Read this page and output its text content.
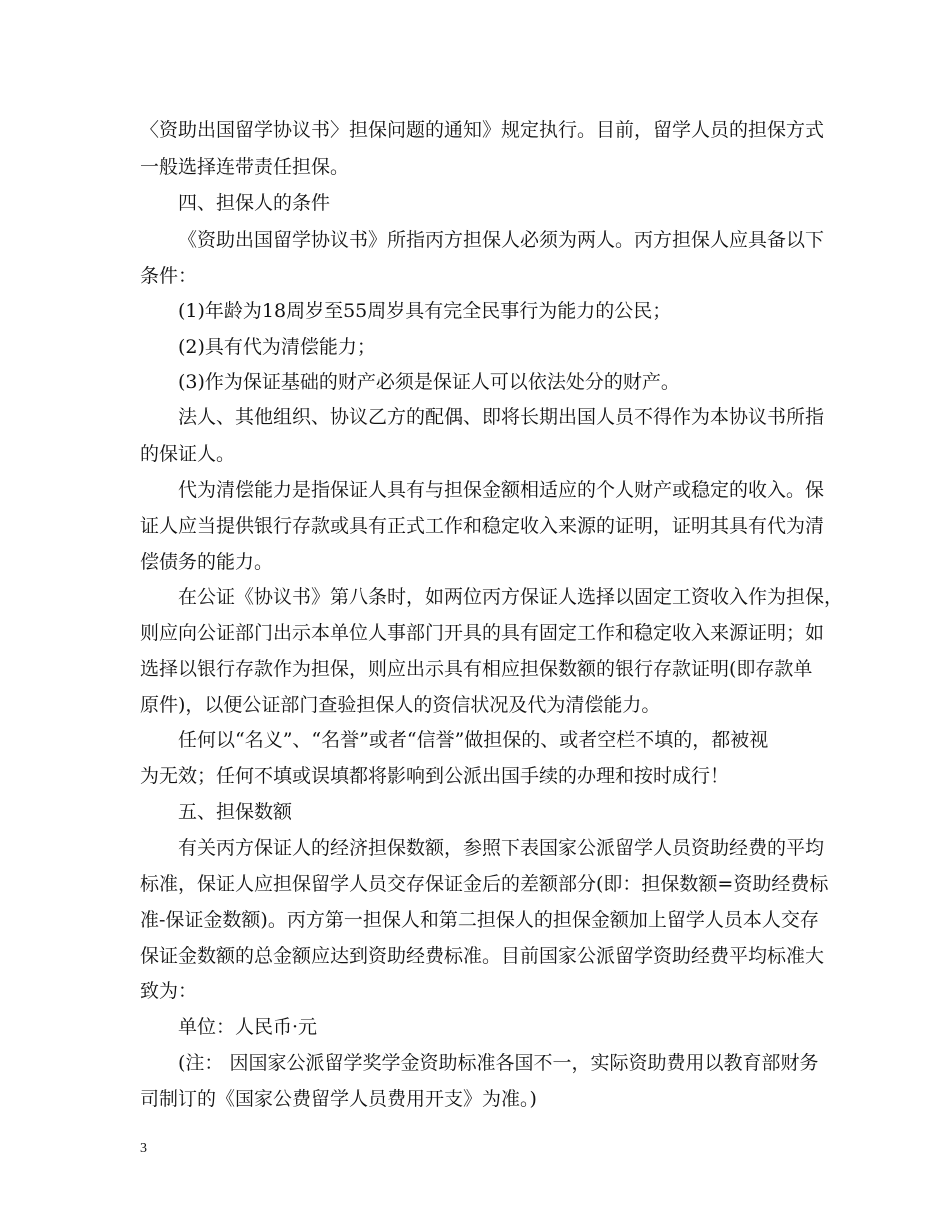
〈资助出国留学协议书〉担保问题的通知》规定执行。目前，留学人员的担保方式
一般选择连带责任担保。
四、担保人的条件
《资助出国留学协议书》所指丙方担保人必须为两人。丙方担保人应具备以下
条件：
(1)年龄为18周岁至55周岁具有完全民事行为能力的公民；
(2)具有代为清偿能力；
(3)作为保证基础的财产必须是保证人可以依法处分的财产。
法人、其他组织、协议乙方的配偶、即将长期出国人员不得作为本协议书所指
的保证人。
代为清偿能力是指保证人具有与担保金额相适应的个人财产或稳定的收入。保
证人应当提供银行存款或具有正式工作和稳定收入来源的证明，证明其具有代为清
偿债务的能力。
在公证《协议书》第八条时，如两位丙方保证人选择以固定工资收入作为担保，
则应向公证部门出示本单位人事部门开具的具有固定工作和稳定收入来源证明；如
选择以银行存款作为担保，则应出示具有相应担保数额的银行存款证明(即存款单
原件)，以便公证部门查验担保人的资信状况及代为清偿能力。
任何以“名义”、“名誉”或者“信誉”做担保的、或者空栏不填的，都被视
为无效；任何不填或误填都将影响到公派出国手续的办理和按时成行！
五、担保数额
有关丙方保证人的经济担保数额，参照下表国家公派留学人员资助经费的平均
标准，保证人应担保留学人员交存保证金后的差额部分(即：担保数额=资助经费标
准-保证金数额)。丙方第一担保人和第二担保人的担保金额加上留学人员本人交存
保证金数额的总金额应达到资助经费标准。目前国家公派留学资助经费平均标准大
致为：
单位：人民币·元
(注： 因国家公派留学奖学金资助标准各国不一，实际资助费用以教育部财务
司制订的《国家公费留学人员费用开支》为准。)
3
